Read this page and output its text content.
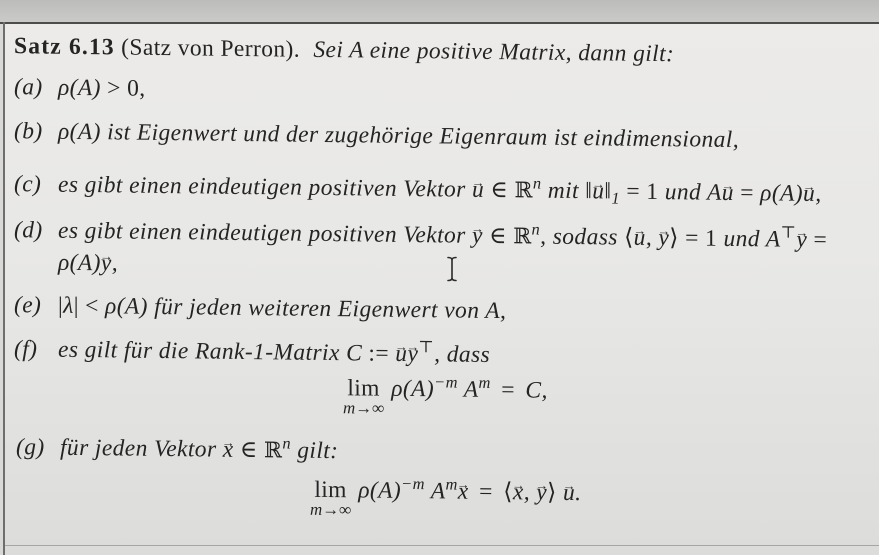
Satz 6.13 (Satz von Perron). Sei A eine positive Matrix, dann gilt:
(a) ρ(A) > 0,
(b) ρ(A) ist Eigenwert und der zugehörige Eigenraum ist eindimensional,
(c) es gibt einen eindeutigen positiven Vektor u → ∈ ℝ$^n$ mit ‖u $\to‖_1 = 1$ und Au → = ρ(A)u →,
(d) es gibt einen eindeutigen positiven Vektor y → ∈ ℝ$^n$, sodass ⟨u →, y →⟩ = 1 und A⊤y → =
ρ(A)y →,
(e) |λ| < ρ(A) für jeden weiteren Eigenwert von A,
(f) es gilt für die Rank-1-Matrix C := u →y →⊤, dass
lim
m→∞
$\rho(A)^{-m}$ $A^m = C$,
(g) für jeden Vektor x → ∈ ℝ$^n$ gilt:
lim
m→∞
$\rho(A)^{-m}$ $A^mx$ → = ⟨x →, y →⟩ u →.
